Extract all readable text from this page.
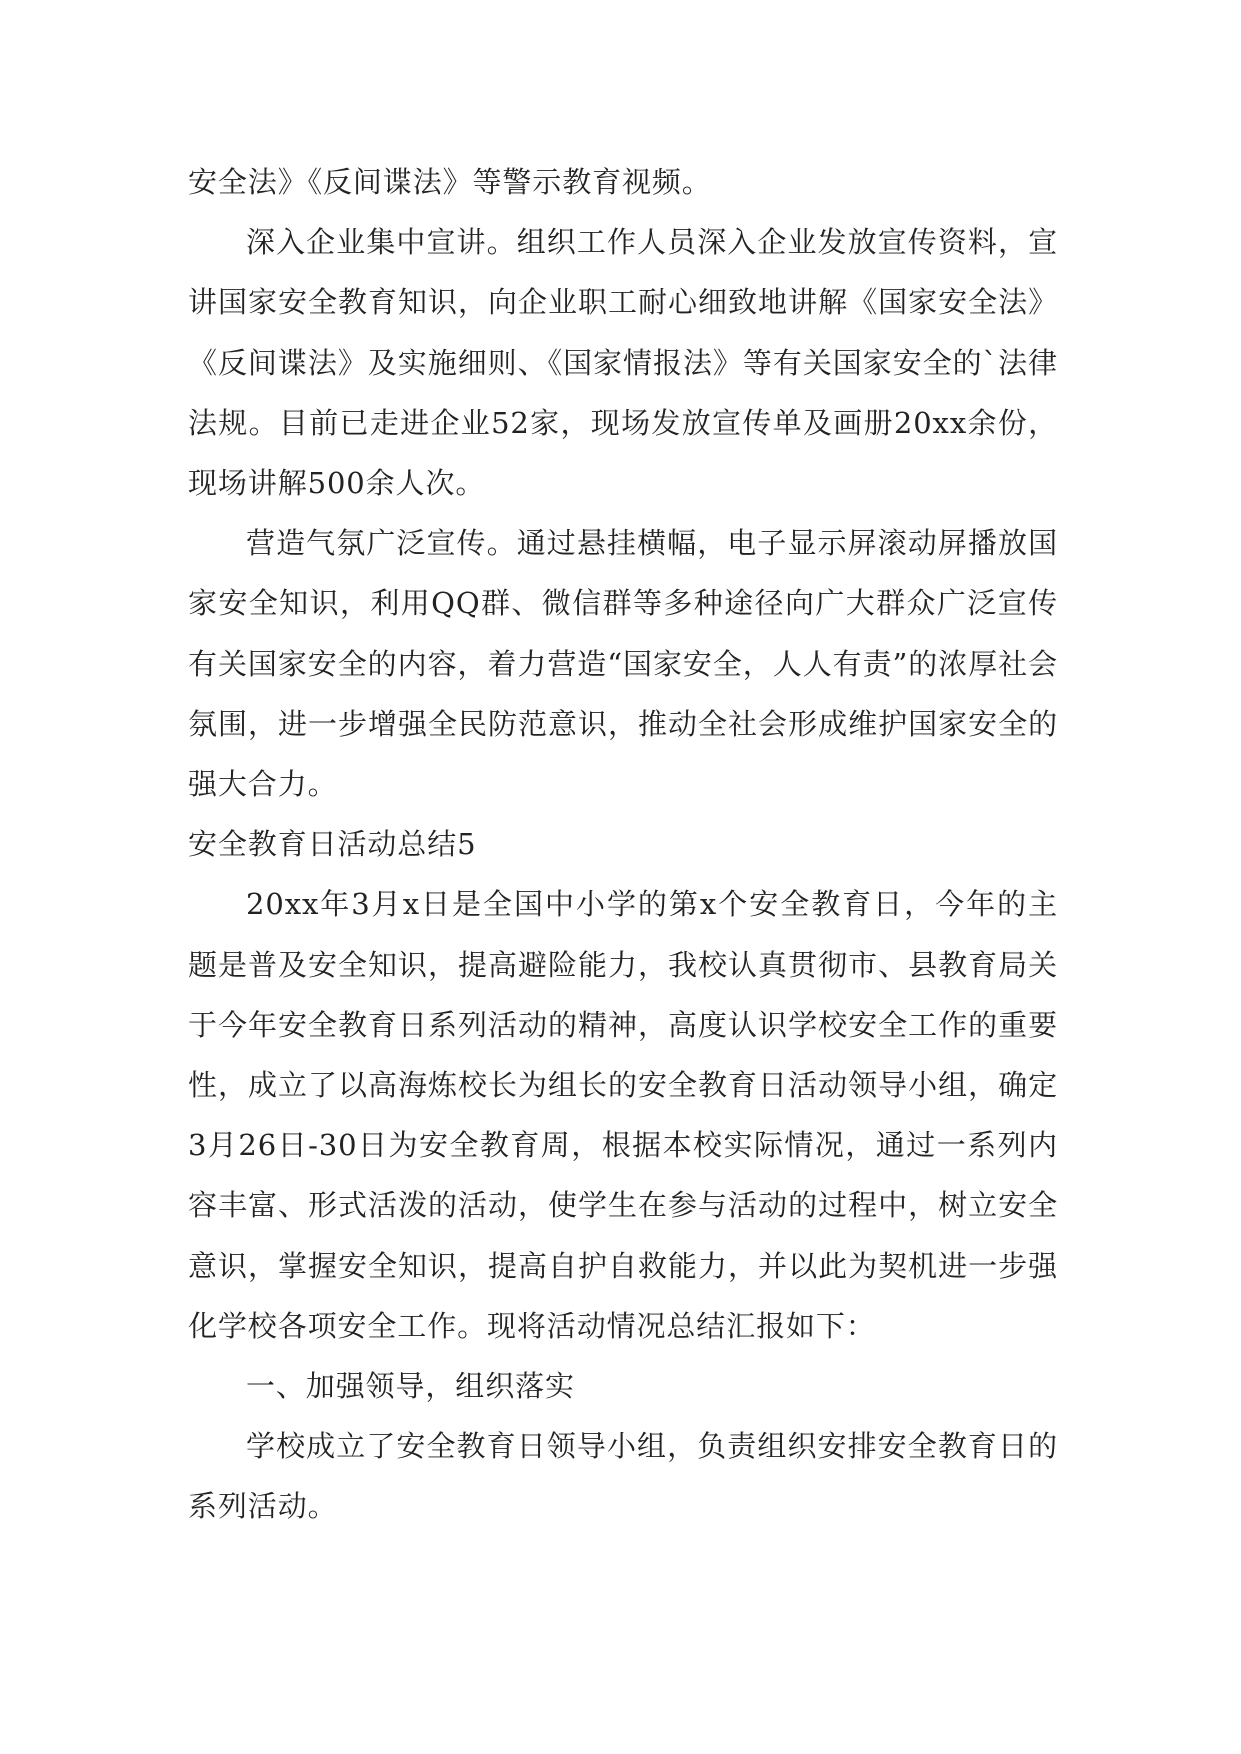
安全法》《反间谍法》等警示教育视频。

深入企业集中宣讲。组织工作人员深入企业发放宣传资料，宣讲国家安全教育知识，向企业职工耐心细致地讲解《国家安全法》《反间谍法》及实施细则、《国家情报法》等有关国家安全的`法律法规。目前已走进企业52家，现场发放宣传单及画册20xx余份，现场讲解500余人次。

营造气氛广泛宣传。通过悬挂横幅，电子显示屏滚动屏播放国家安全知识，利用QQ群、微信群等多种途径向广大群众广泛宣传有关国家安全的内容，着力营造“国家安全，人人有责”的浓厚社会氛围，进一步增强全民防范意识，推动全社会形成维护国家安全的强大合力。

安全教育日活动总结5

20xx年3月x日是全国中小学的第x个安全教育日，今年的主题是普及安全知识，提高避险能力，我校认真贯彻市、县教育局关于今年安全教育日系列活动的精神，高度认识学校安全工作的重要性，成立了以高海炼校长为组长的安全教育日活动领导小组，确定3月26日-30日为安全教育周，根据本校实际情况，通过一系列内容丰富、形式活泼的活动，使学生在参与活动的过程中，树立安全意识，掌握安全知识，提高自护自救能力，并以此为契机进一步强化学校各项安全工作。现将活动情况总结汇报如下：

一、加强领导，组织落实

学校成立了安全教育日领导小组，负责组织安排安全教育日的系列活动。
